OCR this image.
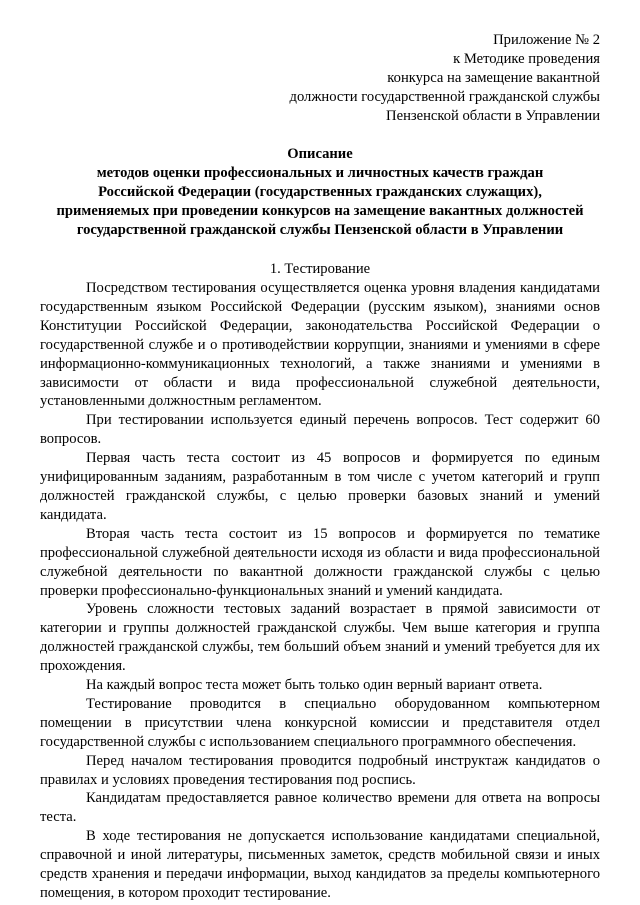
Приложение № 2
к Методике проведения
конкурса на замещение вакантной
должности государственной гражданской службы
Пензенской области в Управлении
Описание
методов оценки профессиональных и личностных качеств граждан
Российской Федерации (государственных гражданских служащих),
применяемых при проведении конкурсов на замещение вакантных должностей
государственной гражданской службы Пензенской области в Управлении
1. Тестирование

Посредством тестирования осуществляется оценка уровня владения кандидатами государственным языком Российской Федерации (русским языком), знаниями основ Конституции Российской Федерации, законодательства Российской Федерации о государственной службе и о противодействии коррупции, знаниями и умениями в сфере информационно-коммуникационных технологий, а также знаниями и умениями в зависимости от области и вида профессиональной служебной деятельности, установленными должностным регламентом.

При тестировании используется единый перечень вопросов. Тест содержит 60 вопросов.

Первая часть теста состоит из 45 вопросов и формируется по единым унифицированным заданиям, разработанным в том числе с учетом категорий и групп должностей гражданской службы, с целью проверки базовых знаний и умений кандидата.

Вторая часть теста состоит из 15 вопросов и формируется по тематике профессиональной служебной деятельности исходя из области и вида профессиональной служебной деятельности по вакантной должности гражданской службы с целью проверки профессионально-функциональных знаний и умений кандидата.

Уровень сложности тестовых заданий возрастает в прямой зависимости от категории и группы должностей гражданской службы. Чем выше категория и группа должностей гражданской службы, тем больший объем знаний и умений требуется для их прохождения.

На каждый вопрос теста может быть только один верный вариант ответа.

Тестирование проводится в специально оборудованном компьютерном помещении в присутствии члена конкурсной комиссии и представителя отдел государственной службы с использованием специального программного обеспечения.

Перед началом тестирования проводится подробный инструктаж кандидатов о правилах и условиях проведения тестирования под роспись.

Кандидатам предоставляется равное количество времени для ответа на вопросы теста.

В ходе тестирования не допускается использование кандидатами специальной, справочной и иной литературы, письменных заметок, средств мобильной связи и иных средств хранения и передачи информации, выход кандидатов за пределы компьютерного помещения, в котором проходит тестирование.
